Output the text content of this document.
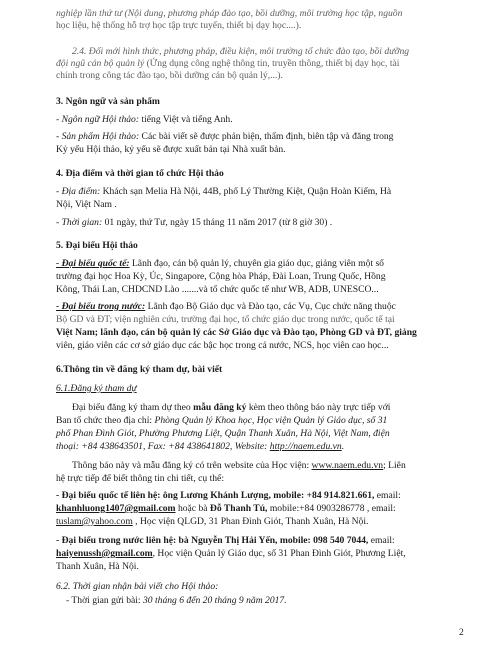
nghiệp lần thứ tư (Nội dung, phương pháp đào tạo, bồi dưỡng, môi trường học tập, nguồn
học liệu, hệ thống hỗ trợ học tập trực tuyến, thiết bị dạy học....).
2.4. Đổi mới hình thức, phương pháp, điều kiện, môi trường tổ chức đào tạo, bồi dưỡng
đội ngũ cán bộ quản lý (Ứng dụng công nghệ thông tin, truyền thông, thiết bị dạy học, tài
chính trong công tác đào tạo, bồi dưỡng cán bộ quản lý,...).
3. Ngôn ngữ và sản phẩm
- Ngôn ngữ Hội thảo: tiếng Việt và tiếng Anh.
- Sản phẩm Hội thảo: Các bài viết sẽ được phản biện, thẩm định, biên tập và đăng trong
Kỷ yếu Hội thảo, kỷ yếu sẽ được xuất bản tại Nhà xuất bản.
4. Địa điểm và thời gian tổ chức Hội thảo
- Địa điểm: Khách sạn Melia Hà Nội, 44B, phố Lý Thường Kiệt, Quận Hoàn Kiếm, Hà
Nội, Việt Nam .
- Thời gian: 01 ngày, thứ Tư, ngày 15 tháng 11 năm 2017 (từ 8 giờ 30) .
5. Đại biểu Hội thảo
- Đại biểu quốc tế: Lãnh đạo, cán bộ quản lý, chuyên gia giáo dục, giảng viên một số
trường đại học Hoa Kỳ, Úc, Singapore, Cộng hòa Pháp, Đài Loan, Trung Quốc, Hồng
Kông, Thái Lan, CHDCND Lào .......và tổ chức quốc tế như WB, ADB, UNESCO...
- Đại biểu trong nước: Lãnh đạo Bộ Giáo dục và Đào tạo, các Vụ, Cục chức năng thuộc
Bộ GD và ĐT; viện nghiên cứu, trường đại học, tổ chức giáo dục trong nước, quốc tế tại
Việt Nam; lãnh đạo, cán bộ quản lý các Sở Giáo dục và Đào tạo, Phòng GD và ĐT, giảng
viên, giáo viên các cơ sở giáo dục các bậc học trong cả nước, NCS, học viên cao học...
6.Thông tin về đăng ký tham dự, bài viết
6.1.Đăng ký tham dự
Đại biểu đăng ký tham dự theo mẫu đăng ký kèm theo thông báo này trực tiếp với
Ban tổ chức theo địa chỉ: Phòng Quản lý Khoa học, Học viện Quản lý Giáo dục, số 31
phố Phan Đình Giót, Phường Phương Liệt, Quận Thanh Xuân, Hà Nội, Việt Nam, điện
thoại: +84 438643501, Fax: +84 438641802, Website: http://naem.edu.vn.
Thông báo này và mẫu đăng ký có trên website của Học viện: www.naem.edu.vn; Liên
hệ trực tiếp để biết thông tin chi tiết, cụ thể:
- Đại biểu quốc tế liên hệ: ông Lương Khánh Lượng, mobile: +84 914.821.661, email:
khanhluong1407@gmail.com hoặc bà Đỗ Thanh Tú, mobile:+84 0903286778 , email:
tuslam@yahoo.com , Học viện QLGD, 31 Phan Đình Giót, Thanh Xuân, Hà Nội.
- Đại biểu trong nước liên hệ: bà Nguyễn Thị Hải Yến, mobile: 098 540 7044, email:
haiyenussh@gmail.com, Học viện Quản lý Giáo dục, số 31 Phan Đình Giót, Phương Liệt,
Thanh Xuân, Hà Nội.
6.2. Thời gian nhận bài viết cho Hội thảo:
- Thời gian gửi bài: 30 tháng 6 đến 20 tháng 9 năm 2017.
2
